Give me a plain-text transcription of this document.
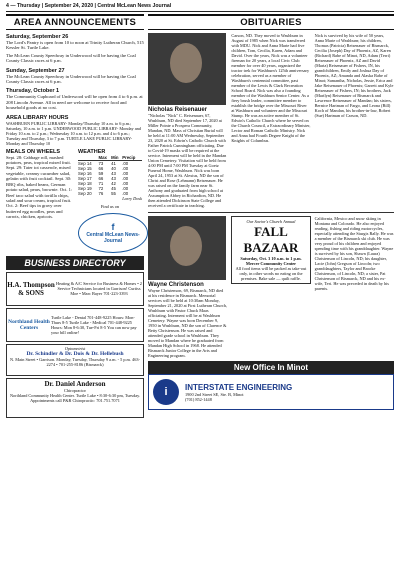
4 — Thursday | September 24, 2020 | Central McLean News Journal
AREA ANNOUNCEMENTS
Saturday, September 26
The Lord's Pantry is open from 10 to noon at Trinity Lutheran Church, 515 Kessler St. Turtle Lake.
The McLean County Speedway in Underwood will be having the Coal County Classic races at 6 p.m.
Sunday, September 27
The McLean County Speedway in Underwood will be having the Coal County Classic races at 6 p.m.
Thursday, October 1
The Community Cupboard of Underwood will be open from 4 to 6 p.m. at 208 Lincoln Avenue. All in need are welcome to receive food and household goods at no cost.
AREA LIBRARY HOURS
WASHBURN PUBLIC LIBRARY- Monday/Thursday 10 a.m. to 6 p.m.; Saturday, 10 a.m. to 1 p.m. UNDERWOOD PUBLIC LIBRARY- Monday and Friday 10 a.m. to 2 p.m.; Wednesday 10 a.m. to 12 p.m. and 4 to 6 p.m.; Tuesday and Thursday, 3 to 7 p.m. TURTLE LAKE PUBLIC LIBRARY- Monday and Thursday 10
MEALS ON WHEELS
Sept. 28: Cabbage roll, mashed potatoes, peas, tropical mixed fruit. Sept. 29: Tater tot casserole, mixed vegetable, creamy cucumber salad, gelatin with fruit cocktail. Sept. 30: BBQ ribs, baked beans, German potato salad, pears, brownie. Oct. 1: Beef taco salad with tortilla chips, salad and sour cream, tropical fruit. Oct. 2: Beef tips in gravy over buttered egg noodles, peas and carrots, chicken, apricots.
WEATHER
	Max	Min	Precip
Sep 14	73	41	.00
Sep 15	66	40	.00
Sep 16	59	43	.00
Sep 17	66	43	.00
Sep 18	71	42	.00
Sep 19	72	45	.00
Sep 20	76	55	.00
Larry Dosk
Find us on
f
Central McLean News-Journal
BUSINESS DIRECTORY
H.A. Thompson & SONS
Heating & A/C Service for Business & Homes • 2 Service Technicians located in Garrison! Curtiss Moe • Marc Bayer 701-223-3393
Northland Health Centers
Turtle Lake - Dental 701-448-9225 Hours: Mon-Thurs 8-5 Turtle Lake - Medical 701-448-9225 Hours: Mon 8-6:30, Tue-Fri 8-5 You can now pay your bill online!
Optometrist
Dr. Schindler & Dr. Dois & Dr. Hellebush
N. Main Street • Garrison. Monday, Tuesday, Thursday 9 a.m. - 5 p.m. 463-2274 • 701-255-8186 (Bismarck)
Dr. Daniel Anderson
Chiropractor
Northland Community Health Center. Turtle Lake • 8:30-6:30 pm, Tuesday. Appointments call P&R Chiropractic: 701.751.7071
OBITUARIES
Nicholas Reisenauer
"Nicholas "Nick" C. Reisenauer, 67, Washburn, ND died September 17, 2020 at Miller Pointe a Prospera Community, Mandan, ND. Mass of Christian Burial will be held at 11:00 AM Wednesday, September 23, 2020 at St. Edwin's Catholic Church with Father Patrick Cunningham officiating. Due to Covid-19 masks will be required at the service. Interment will be held in the Mandan Union Cemetery. Visitation will be held from 4:00 PM until 7:00 PM Tuesday at Goetz Funeral Home, Washburn. Nick was born April 24, 1953 at St. Alexius, ND the son of Christ and Rose (Lehmann) Reisenauer. He was raised on the family farm near St. Anthony and graduated from high school at Assumption Abbey in Richardton, ND. He then attended Dickinson State College and received a certificate in teaching.
Carson, ND. They moved to Washburn in August of 1985 when Nick was transferred with MDU. Nick and Anna Marie had five children, Tom, Cecilia, Karen, Adam and David. Over the years, Nick was a volunteer fireman for 20 years, a local Civic Club member for over 40 years, organized the tractor trek for Washburn's 125th anniversary celebration, served as a member of Washburn's centennial committee, past member of the Lewis & Clark Recreation School Board. Nick was also a founding member of the Washburn Senior Center. As a fiery brush leader, committee member to establish the bridge over the Missouri River at Washburn and volunteer and the Missouri Stump. He was an active member of St. Edwin's Catholic Church where he served on the Church Council, a Extraordinary Minister, Lector and Roman Catholic Ministry. Nick and Anna had Fourth Degree Knight of the Knights of Columbus.
Nick is survived by his wife of 50 years, Anna Marie of Washburn; his children, Thomas (Patricia) Reisenauer of Bismarck, Cecilia (Joseph) Day of Phoenix, AZ, Karen (Richard) Rabe of Minot, ND, Adam (Terri) Reisenauer of Phoenix, AZ and David (Maria) Reisenauer of Fishers, IN, his grandchildren, Emily and Joshua Day of Phoenix, AZ; Amanda and Alaska Rabe of Minot; Samantha, Nicholas, Jessie, Erica and Jake Reisenauer of Phoenix; Garrett and Kyle Reisenauer of Fishers, IN; his brothers, Jack (Marilyn) Reisenauer of Bismarck and Lawrence Reisenauer of Mandan; his sisters, Bernice Hartman of Fargo, and Leona (Bill) Koch of Mandan, his brother-in-law, Robert (Sue) Hartman of Carson, ND.
Wayne Christenson
Wayne Christenson, 69, Bismarck, ND died at his residence in Bismarck. Memorial services will be held at 10:30am Monday, September 21, 2020 at First Lutheran Church, Washburn with Pastor Chuck Maas officiating. Interment will be at Washburn Cemetery. Wayne was born December 9, 1950 in Washburn, ND the son of Clarence & Betty Christenson. He was raised and attended grade school in Washburn. They moved to Mandan where he graduated from Mandan High School in 1968. He attended Bismarck Junior College in the Arts and Engineering program.
Our Savior's Church Annual
FALL BAZAAR
Saturday, Oct. 3 10 a.m. to 1 p.m.
Mercer Community Center
All food items will be packed as take-out only, in other words no eating on the premises. Bake sale — quilt raffle.
California, Mexico and snow skiing in Montana and Colorado. He also enjoyed reading, fishing and riding motorcycles, especially attending the Sturgis Rally. He was a member of the Bismarck ski club. He was very proud of his children and enjoyed spending time with his granddaughter. Wayne is survived by his son, Shawn (Laura) Christenson of Lincoln, ND; his daughter, Lacie (John) Gregson of Lincoln; two granddaughters, Taylor and Brooke Christenson, of Lincoln, ND; a sister, Pat Christenson of Bismarck, ND and his ex-wife, Teri. He was preceded in death by his parents.
New Office In Minot
i	INTERSTATE ENGINEERING
1900 2nd Street SE, Ste. B, Minot
(701) 852-1448
